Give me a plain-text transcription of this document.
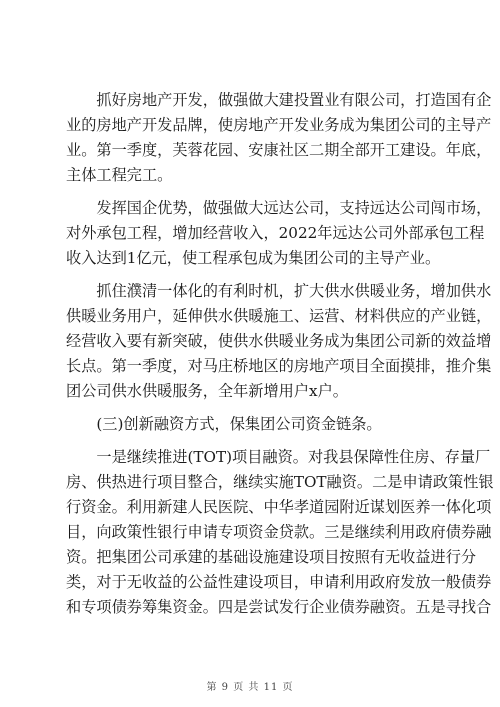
　　抓好房地产开发，做强做大建投置业有限公司，打造国有企
业的房地产开发品牌，使房地产开发业务成为集团公司的主导产
业。第一季度，芙蓉花园、安康社区二期全部开工建设。年底，
主体工程完工。

　　发挥国企优势，做强做大远达公司，支持远达公司闯市场，
对外承包工程，增加经营收入，2022年远达公司外部承包工程
收入达到1亿元，使工程承包成为集团公司的主导产业。

　　抓住濮清一体化的有利时机，扩大供水供暖业务，增加供水
供暖业务用户，延伸供水供暖施工、运营、材料供应的产业链，
经营收入要有新突破，使供水供暖业务成为集团公司新的效益增
长点。第一季度，对马庄桥地区的房地产项目全面摸排，推介集
团公司供水供暖服务，全年新增用户x户。

　　(三)创新融资方式，保集团公司资金链条。

　　一是继续推进(TOT)项目融资。对我县保障性住房、存量厂
房、供热进行项目整合，继续实施TOT融资。二是申请政策性银
行资金。利用新建人民医院、中华孝道园附近谋划医养一体化项
目，向政策性银行申请专项资金贷款。三是继续利用政府债券融
资。把集团公司承建的基础设施建设项目按照有无收益进行分
类，对于无收益的公益性建设项目，申请利用政府发放一般债券
和专项债券筹集资金。四是尝试发行企业债券融资。五是寻找合

第 9 页 共 11 页
